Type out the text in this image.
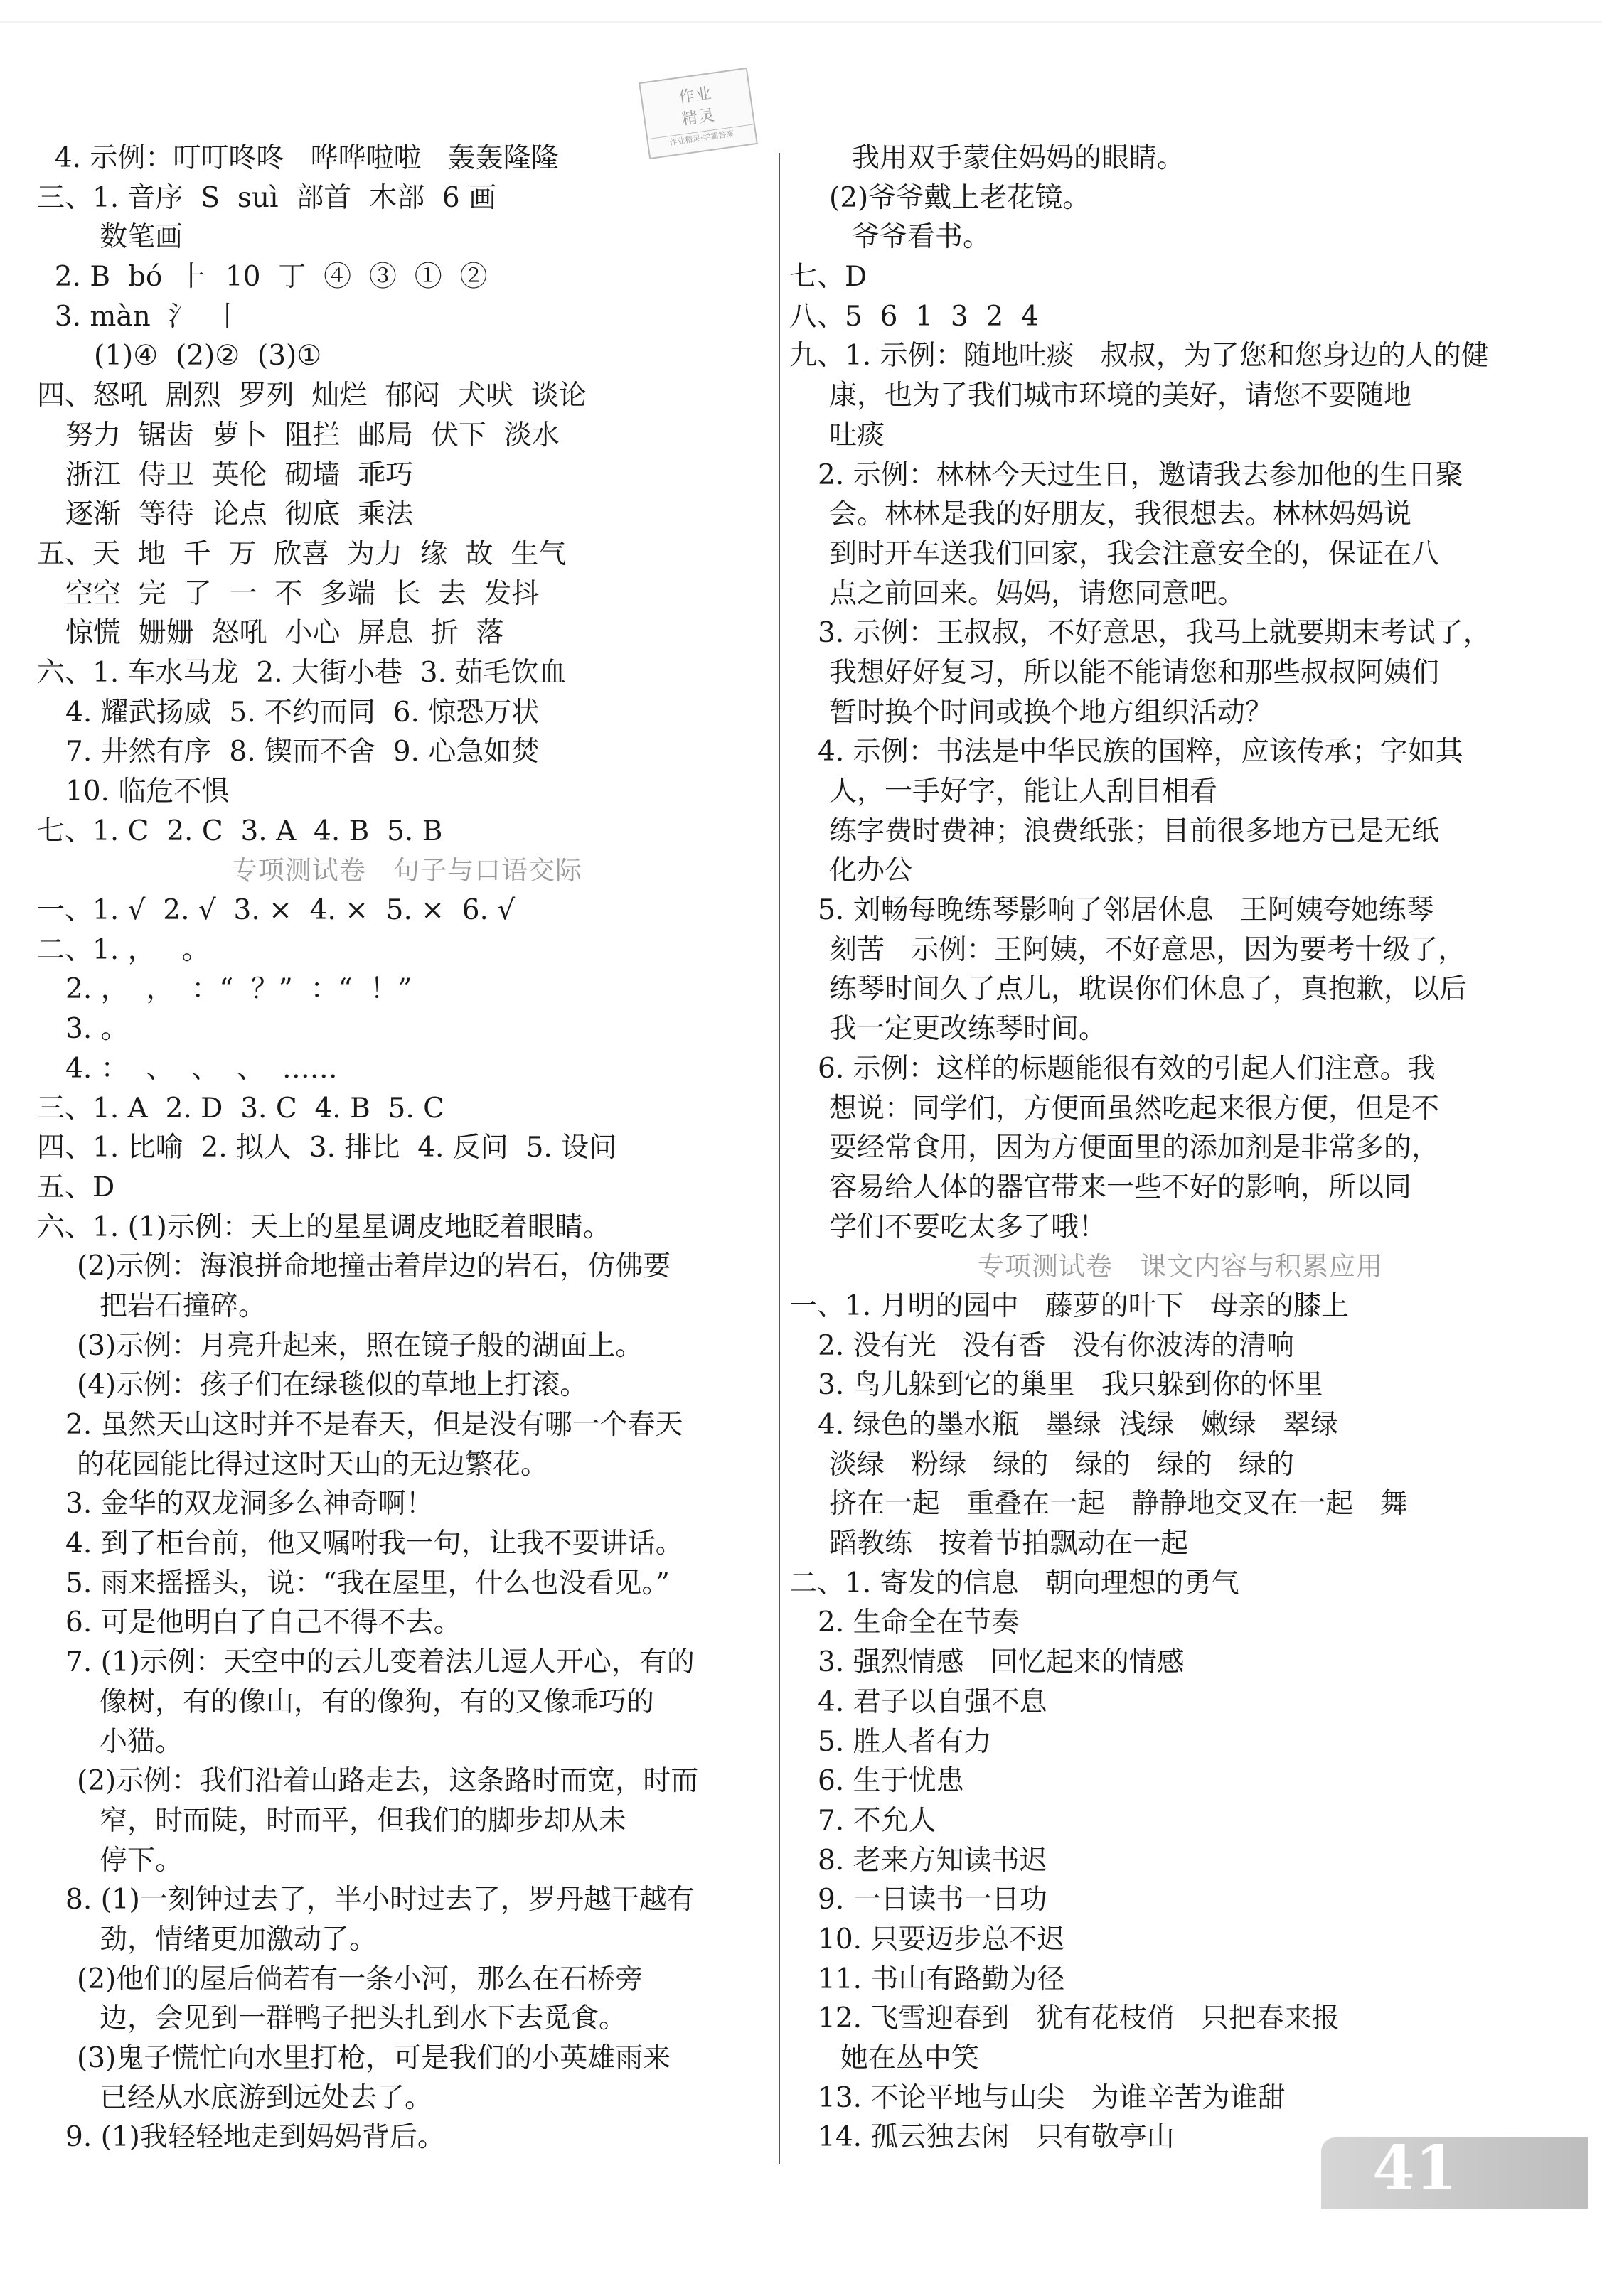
作业
精灵
作业精灵·学霸答案
4. 示例：叮叮咚咚   哗哗啦啦   轰轰隆隆
三、1. 音序  S  suì  部首  木部  6 画
数笔画
2. B  bó  ⺊  10  丁  ④  ③  ①  ②
3. màn  氵  丨
(1)④  (2)②  (3)①
四、怒吼  剧烈  罗列  灿烂  郁闷  犬吠  谈论
努力  锯齿  萝卜  阻拦  邮局  伏下  淡水
浙江  侍卫  英伦  砌墙  乖巧
逐渐  等待  论点  彻底  乘法
五、天  地  千  万  欣喜  为力  缘  故  生气
空空  完  了  一  不  多端  长  去  发抖
惊慌  姗姗  怒吼  小心  屏息  折  落
六、1. 车水马龙  2. 大街小巷  3. 茹毛饮血
4. 耀武扬威  5. 不约而同  6. 惊恐万状
7. 井然有序  8. 锲而不舍  9. 心急如焚
10. 临危不惧
七、1. C  2. C  3. A  4. B  5. B
专项测试卷   句子与口语交际
一、1. √  2. √  3. ×  4. ×  5. ×  6. √
二、1. ，   。
2. ，  ，  ：“  ？”  ：“  ！”
3. 。
4. ：  、  、  、  ……
三、1. A  2. D  3. C  4. B  5. C
四、1. 比喻  2. 拟人  3. 排比  4. 反问  5. 设问
五、D
六、1. (1)示例：天上的星星调皮地眨着眼睛。
(2)示例：海浪拼命地撞击着岸边的岩石，仿佛要
把岩石撞碎。
(3)示例：月亮升起来，照在镜子般的湖面上。
(4)示例：孩子们在绿毯似的草地上打滚。
2. 虽然天山这时并不是春天，但是没有哪一个春天
的花园能比得过这时天山的无边繁花。
3. 金华的双龙洞多么神奇啊！
4. 到了柜台前，他又嘱咐我一句，让我不要讲话。
5. 雨来摇摇头，说：“我在屋里，什么也没看见。”
6. 可是他明白了自己不得不去。
7. (1)示例：天空中的云儿变着法儿逗人开心，有的
像树，有的像山，有的像狗，有的又像乖巧的
小猫。
(2)示例：我们沿着山路走去，这条路时而宽，时而
窄，时而陡，时而平，但我们的脚步却从未
停下。
8. (1)一刻钟过去了，半小时过去了，罗丹越干越有
劲，情绪更加激动了。
(2)他们的屋后倘若有一条小河，那么在石桥旁
边，会见到一群鸭子把头扎到水下去觅食。
(3)鬼子慌忙向水里打枪，可是我们的小英雄雨来
已经从水底游到远处去了。
9. (1)我轻轻地走到妈妈背后。
我用双手蒙住妈妈的眼睛。
(2)爷爷戴上老花镜。
爷爷看书。
七、D
八、5  6  1  3  2  4
九、1. 示例：随地吐痰   叔叔，为了您和您身边的人的健
康，也为了我们城市环境的美好，请您不要随地
吐痰
2. 示例：林林今天过生日，邀请我去参加他的生日聚
会。林林是我的好朋友，我很想去。林林妈妈说
到时开车送我们回家，我会注意安全的，保证在八
点之前回来。妈妈，请您同意吧。
3. 示例：王叔叔，不好意思，我马上就要期末考试了，
我想好好复习，所以能不能请您和那些叔叔阿姨们
暂时换个时间或换个地方组织活动？
4. 示例：书法是中华民族的国粹，应该传承；字如其
人，一手好字，能让人刮目相看
练字费时费神；浪费纸张；目前很多地方已是无纸
化办公
5. 刘畅每晚练琴影响了邻居休息   王阿姨夸她练琴
刻苦   示例：王阿姨，不好意思，因为要考十级了，
练琴时间久了点儿，耽误你们休息了，真抱歉，以后
我一定更改练琴时间。
6. 示例：这样的标题能很有效的引起人们注意。我
想说：同学们，方便面虽然吃起来很方便，但是不
要经常食用，因为方便面里的添加剂是非常多的，
容易给人体的器官带来一些不好的影响，所以同
学们不要吃太多了哦！
专项测试卷   课文内容与积累应用
一、1. 月明的园中   藤萝的叶下   母亲的膝上
2. 没有光   没有香   没有你波涛的清响
3. 鸟儿躲到它的巢里   我只躲到你的怀里
4. 绿色的墨水瓶   墨绿  浅绿   嫩绿   翠绿
淡绿   粉绿   绿的   绿的   绿的   绿的
挤在一起   重叠在一起   静静地交叉在一起   舞
蹈教练   按着节拍飘动在一起
二、1. 寄发的信息   朝向理想的勇气
2. 生命全在节奏
3. 强烈情感   回忆起来的情感
4. 君子以自强不息
5. 胜人者有力
6. 生于忧患
7. 不允人
8. 老来方知读书迟
9. 一日读书一日功
10. 只要迈步总不迟
11. 书山有路勤为径
12. 飞雪迎春到   犹有花枝俏   只把春来报
她在丛中笑
13. 不论平地与山尖   为谁辛苦为谁甜
14. 孤云独去闲   只有敬亭山	41
